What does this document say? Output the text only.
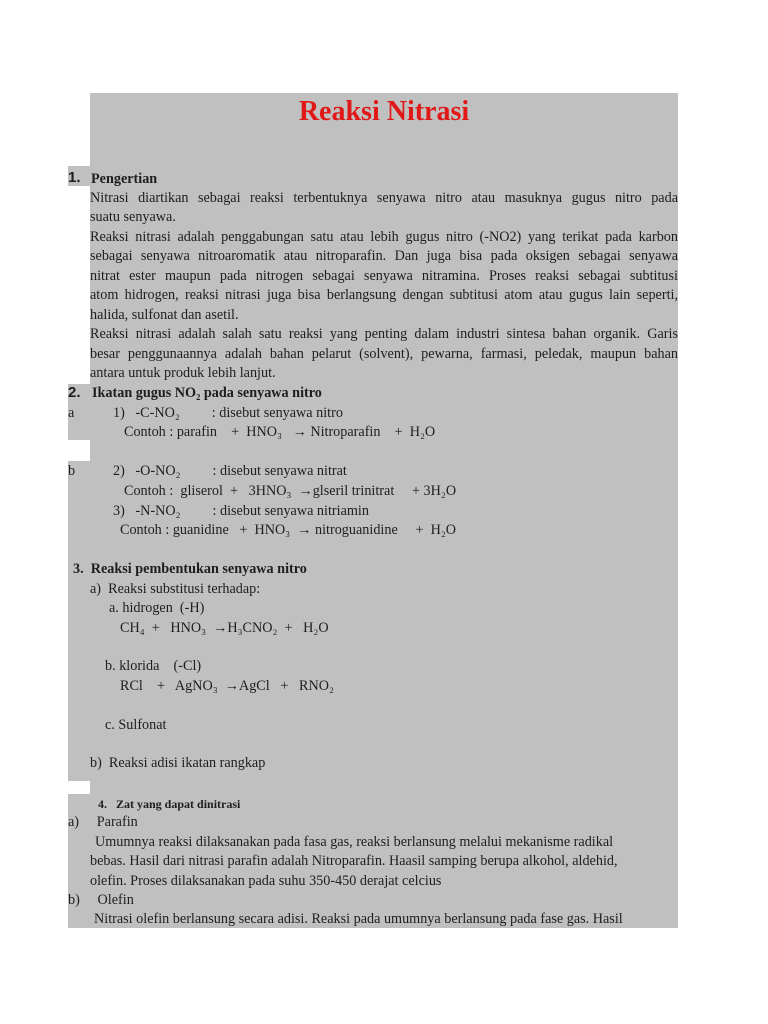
Reaksi Nitrasi
1. Pengertian
Nitrasi diartikan sebagai reaksi terbentuknya senyawa nitro atau masuknya gugus nitro pada
suatu senyawa.
Reaksi nitrasi adalah penggabungan satu atau lebih gugus nitro (-NO2) yang terikat pada karbon
sebagai senyawa nitroaromatik atau nitroparafin. Dan juga bisa pada oksigen sebagai senyawa
nitrat ester maupun pada nitrogen sebagai senyawa nitramina. Proses reaksi sebagai subtitusi
atom hidrogen, reaksi nitrasi juga bisa berlangsung dengan subtitusi atom atau gugus lain seperti,
halida, sulfonat dan asetil.
Reaksi nitrasi adalah salah satu reaksi yang penting dalam industri sintesa bahan organik. Garis
besar penggunaannya adalah bahan pelarut (solvent), pewarna, farmasi, peledak, maupun bahan
antara untuk produk lebih lanjut.
2. Ikatan gugus NO₂ pada senyawa nitro
a	1)   -C-NO₂         : disebut senyawa nitro
Contoh : parafin    +  HNO₃   → Nitroparafin    +  H₂O
b	2)   -O-NO₂         : disebut senyawa nitrat
Contoh :  gliserol  +   3HNO₃  →glseril trinitrat     + 3H₂O
3)   -N-NO₂         : disebut senyawa nitriamin
Contoh : guanidine   +  HNO₃  → nitroguanidine     +  H₂O
3.  Reaksi pembentukan senyawa nitro
a)  Reaksi substitusi terhadap:
a. hidrogen  (-H)
CH₄  +   HNO₃  →H₃CNO₂  +   H₂O
b. klorida    (-Cl)
RCl    +   AgNO₃  →AgCl   +   RNO₂
c. Sulfonat
b)  Reaksi adisi ikatan rangkap
4.   Zat yang dapat dinitrasi
a)     Parafin
Umumnya reaksi dilaksanakan pada fasa gas, reaksi berlansung melalui mekanisme radikal
bebas. Hasil dari nitrasi parafin adalah Nitroparafin. Haasil samping berupa alkohol, aldehid,
olefin. Proses dilaksanakan pada suhu 350-450 derajat celcius
b)     Olefin
Nitrasi olefin berlansung secara adisi. Reaksi pada umumnya berlansung pada fase gas. Hasil
